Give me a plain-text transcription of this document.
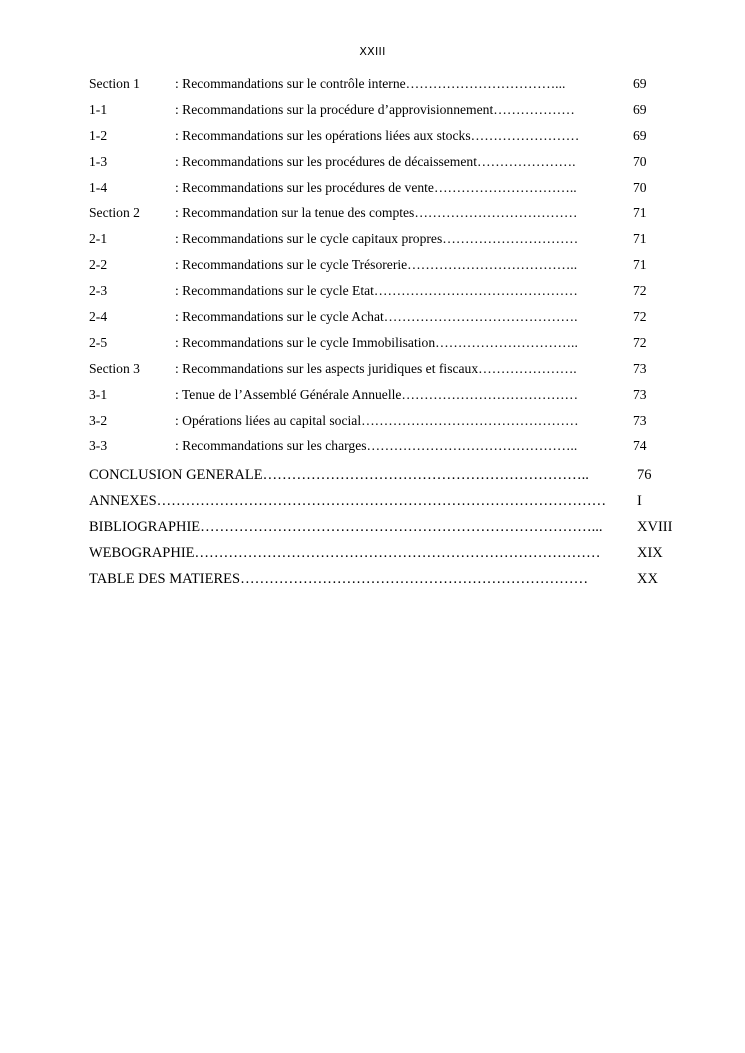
XXIII
Section 1	: Recommandations sur le contrôle interne……………………………...	69
1-1	: Recommandations sur la procédure d’approvisionnement………………	69
1-2	: Recommandations sur les opérations liées aux stocks……………………	69
1-3	: Recommandations sur les procédures de décaissement………………….	70
1-4	: Recommandations sur les procédures de vente…………………………..	70
Section 2	: Recommandation sur la tenue des comptes………………………………	71
2-1	: Recommandations sur le cycle capitaux propres…………………………	71
2-2	: Recommandations sur le cycle Trésorerie………………………………..	71
2-3	: Recommandations sur le cycle Etat………………………………………	72
2-4	: Recommandations sur le cycle Achat…………………………………….	72
2-5	: Recommandations sur le cycle Immobilisation…………………………..	72
Section 3	: Recommandations sur les aspects juridiques et fiscaux………………….	73
3-1	: Tenue de l’Assemblé Générale Annuelle…………………………………	73
3-2	: Opérations liées au capital social…………………………………………	73
3-3	: Recommandations sur les charges………………………………………..	74
CONCLUSION GENERALE…………………………………………………………..	76
ANNEXES…………………………………………………………………………………	I
BIBLIOGRAPHIE………………………………………………………………………...	XVIII
WEBOGRAPHIE…………………………………………………………………………	XIX
TABLE DES MATIERES………………………………………………………………	XX
